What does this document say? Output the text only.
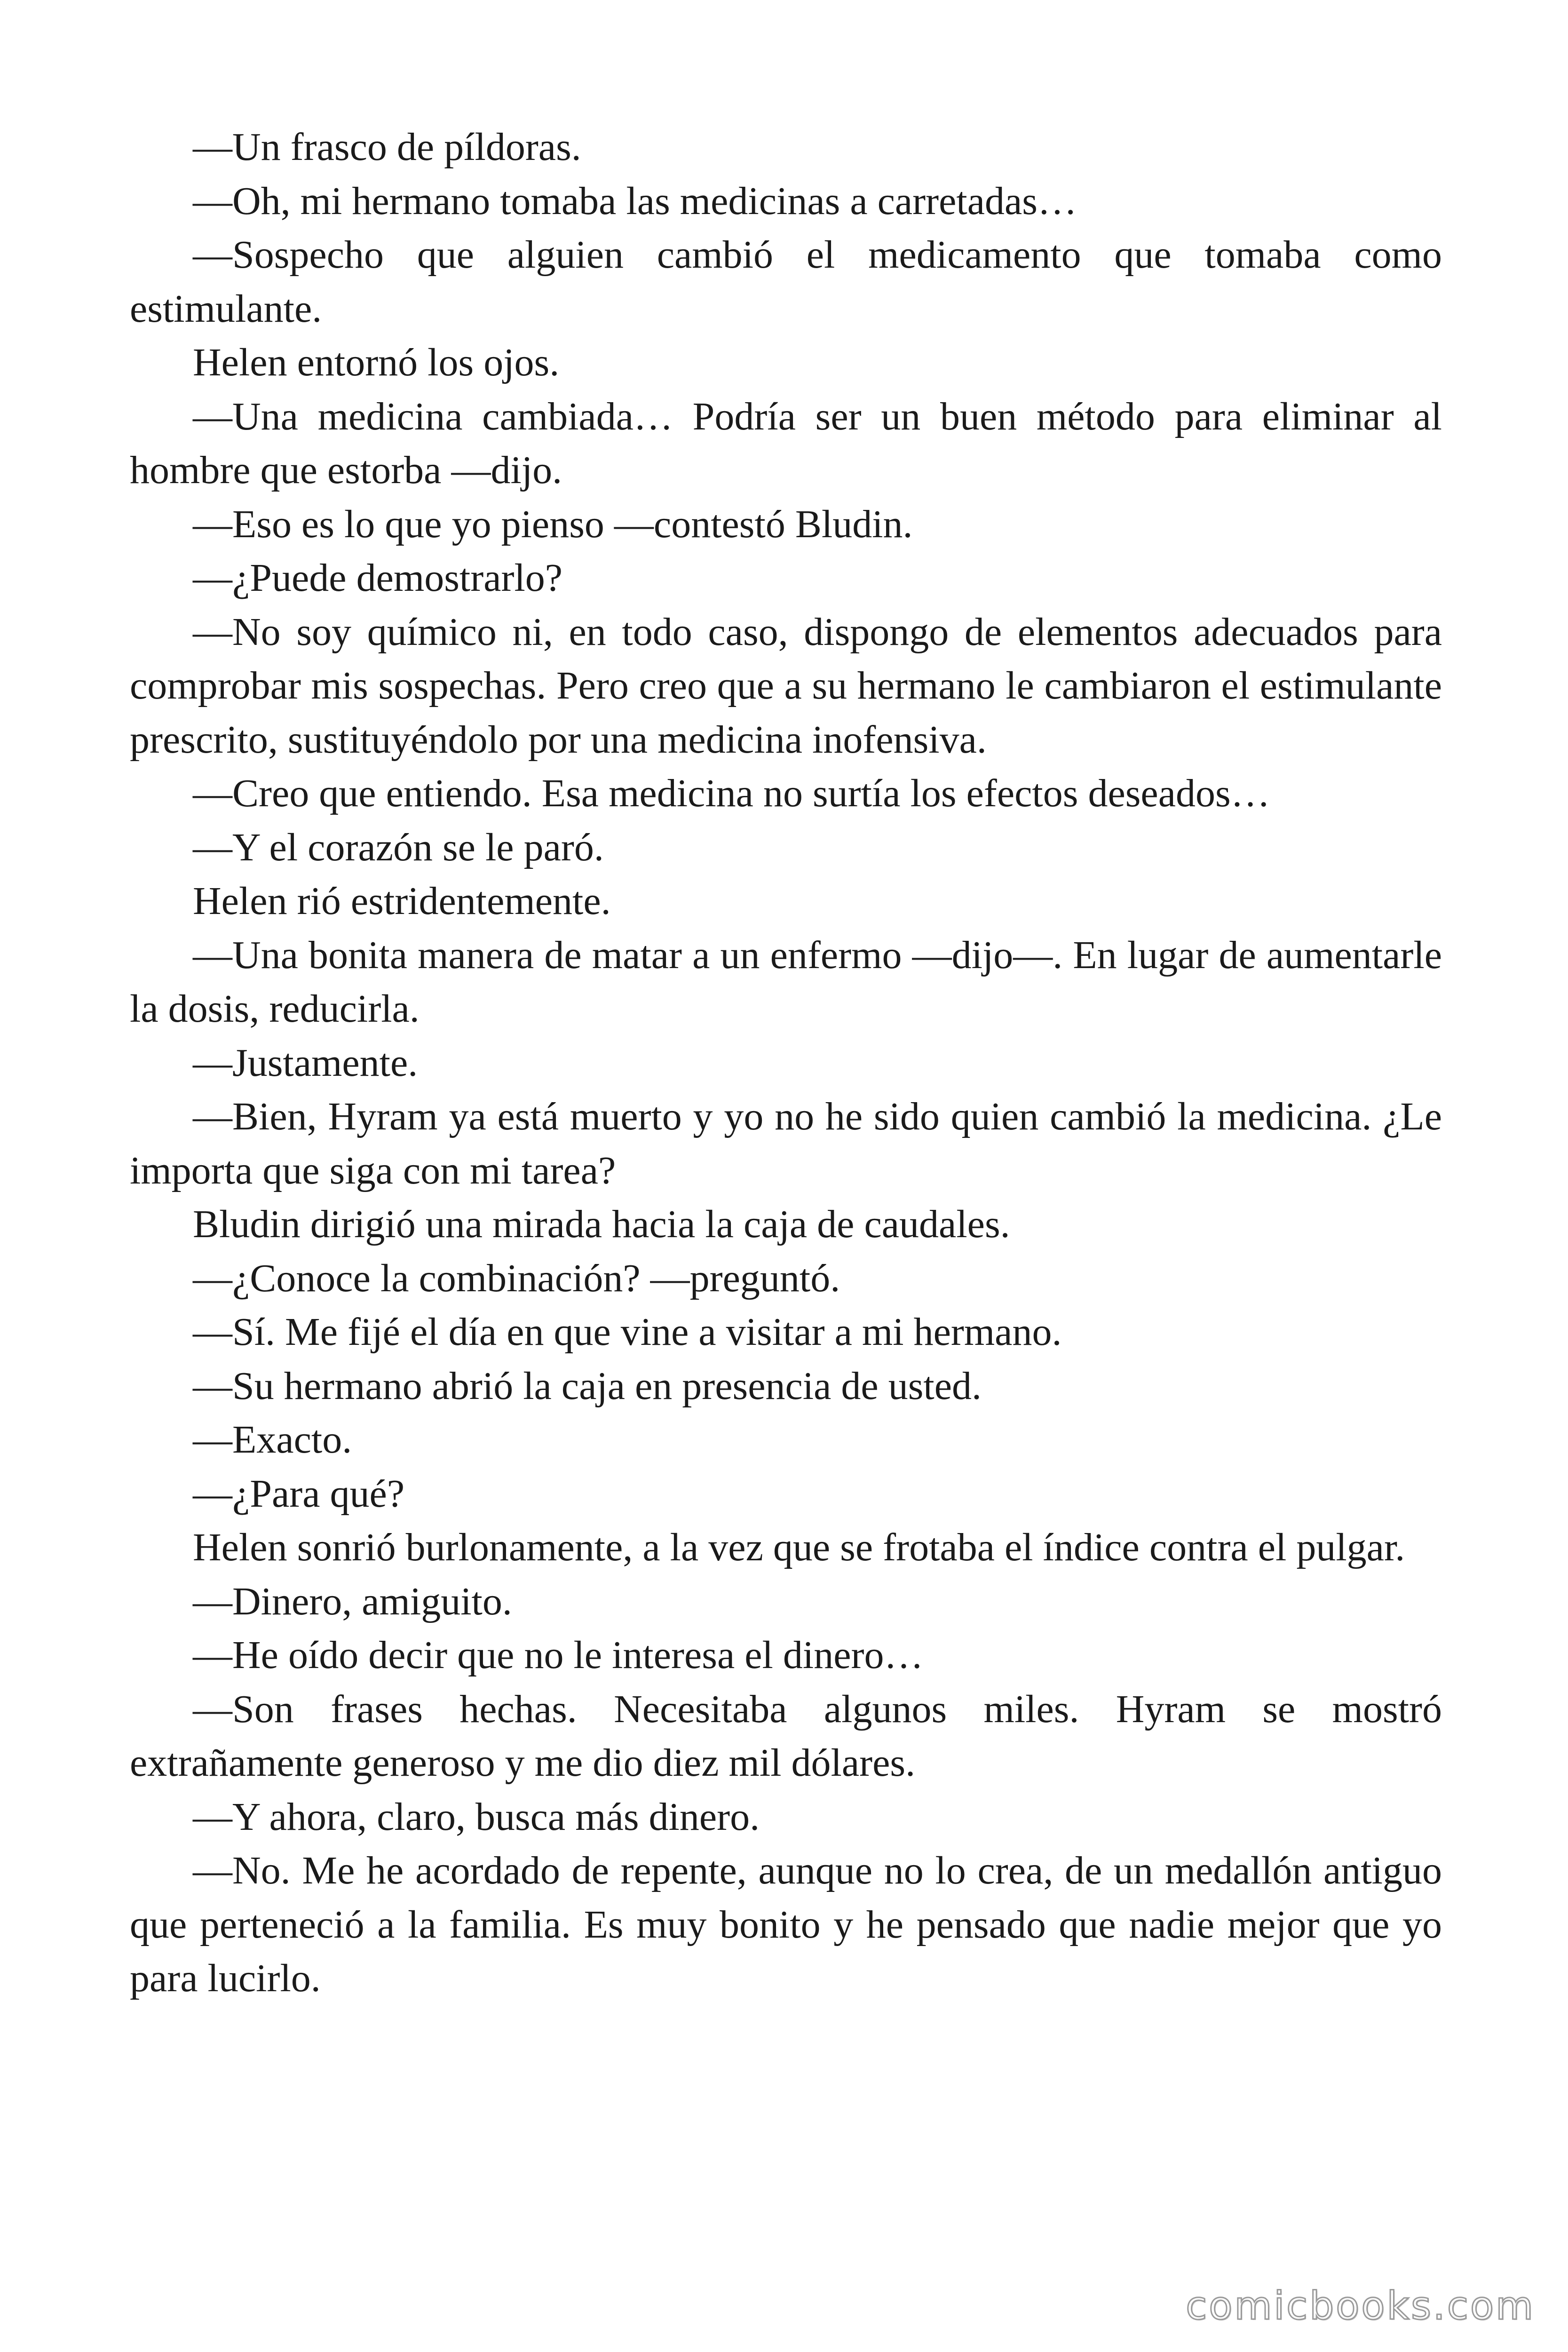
—Un frasco de píldoras.

—Oh, mi hermano tomaba las medicinas a carretadas…

—Sospecho que alguien cambió el medicamento que tomaba como estimulante.

Helen entornó los ojos.

—Una medicina cambiada… Podría ser un buen método para eliminar al hombre que estorba —dijo.

—Eso es lo que yo pienso —contestó Bludin.

—¿Puede demostrarlo?

—No soy químico ni, en todo caso, dispongo de elementos adecuados para comprobar mis sospechas. Pero creo que a su hermano le cambiaron el estimulante prescrito, sustituyéndolo por una medicina inofensiva.

—Creo que entiendo. Esa medicina no surtía los efectos deseados…

—Y el corazón se le paró.

Helen rió estridentemente.

—Una bonita manera de matar a un enfermo —dijo—. En lugar de aumentarle la dosis, reducirla.

—Justamente.

—Bien, Hyram ya está muerto y yo no he sido quien cambió la medicina. ¿Le importa que siga con mi tarea?

Bludin dirigió una mirada hacia la caja de caudales.

—¿Conoce la combinación? —preguntó.

—Sí. Me fijé el día en que vine a visitar a mi hermano.

—Su hermano abrió la caja en presencia de usted.

—Exacto.

—¿Para qué?

Helen sonrió burlonamente, a la vez que se frotaba el índice contra el pulgar.

—Dinero, amiguito.

—He oído decir que no le interesa el dinero…

—Son frases hechas. Necesitaba algunos miles. Hyram se mostró extrañamente generoso y me dio diez mil dólares.

—Y ahora, claro, busca más dinero.

—No. Me he acordado de repente, aunque no lo crea, de un medallón antiguo que perteneció a la familia. Es muy bonito y he pensado que nadie mejor que yo para lucirlo.

comicbooks.com
